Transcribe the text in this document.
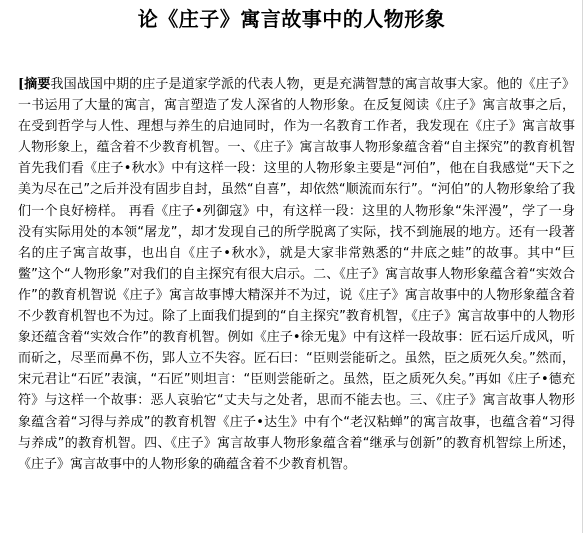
论《庄子》寓言故事中的人物形象

[摘要我国战国中期的庄子是道家学派的代表人物，更是充满智慧的寓言故事大家。他的《庄子》一书运用了大量的寓言，寓言塑造了发人深省的人物形象。在反复阅读《庄子》寓言故事之后，在受到哲学与人性、理想与养生的启迪同时，作为一名教育工作者，我发现在《庄子》寓言故事人物形象上，蕴含着不少教育机智。一、《庄子》寓言故事人物形象蕴含着“自主探究”的教育机智首先我们看《庄子•秋水》中有这样一段：这里的人物形象主要是“河伯”，他在自我感觉“天下之美为尽在己”之后并没有固步自封，虽然“自喜”，却依然“顺流而东行”。“河伯”的人物形象给了我们一个良好榜样。 再看《庄子•列御寇》中，有这样一段：这里的人物形象“朱泙漫”，学了一身没有实际用处的本领“屠龙”，却才发现自己的所学脱离了实际，找不到施展的地方。还有一段著名的庄子寓言故事，也出自《庄子•秋水》，就是大家非常熟悉的“井底之蛙”的故事。其中“巨鳖”这个“人物形象”对我们的自主探究有很大启示。二、《庄子》寓言故事人物形象蕴含着“实效合作”的教育机智说《庄子》寓言故事博大精深并不为过，说《庄子》寓言故事中的人物形象蕴含着不少教育机智也不为过。除了上面我们提到的“自主探究”教育机智，《庄子》寓言故事中的人物形象还蕴含着“实效合作”的教育机智。例如《庄子•徐无鬼》中有这样一段故事：匠石运斤成风，听而斫之，尽垩而鼻不伤，郢人立不失容。匠石曰：“臣则尝能斫之。虽然，臣之质死久矣。”然而，宋元君让“石匠”表演，“石匠”则坦言：“臣则尝能斫之。虽然，臣之质死久矣。”再如《庄子•德充符》与这样一个故事：恶人哀骀它“丈夫与之处者，思而不能去也。三、《庄子》寓言故事人物形象蕴含着“习得与养成”的教育机智《庄子•达生》中有个“老汉粘蝉”的寓言故事，也蕴含着“习得与养成”的教育机智。四、《庄子》寓言故事人物形象蕴含着“继承与创新”的教育机智综上所述，《庄子》寓言故事中的人物形象的确蕴含着不少教育机智。
